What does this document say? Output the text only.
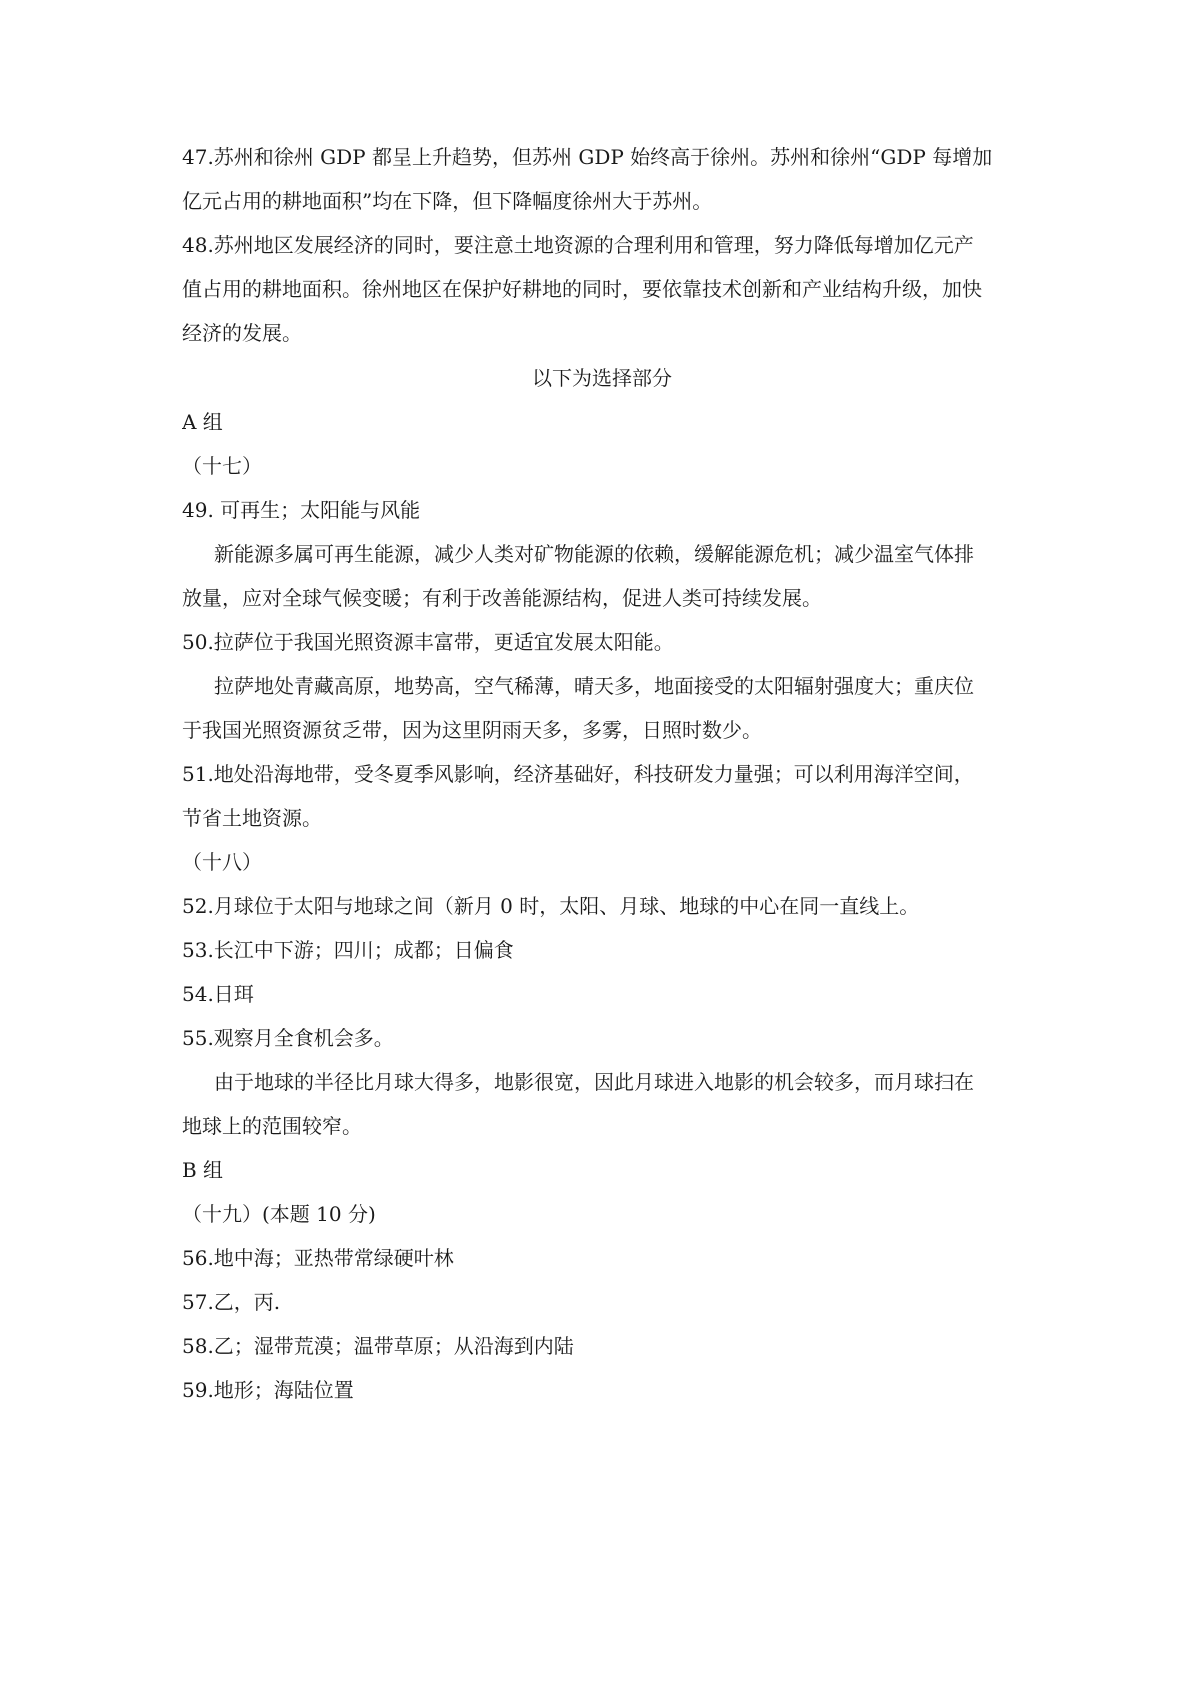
47.苏州和徐州 GDP 都呈上升趋势，但苏州 GDP 始终高于徐州。苏州和徐州“GDP 每增加
亿元占用的耕地面积”均在下降，但下降幅度徐州大于苏州。
48.苏州地区发展经济的同时，要注意土地资源的合理利用和管理，努力降低每增加亿元产
值占用的耕地面积。徐州地区在保护好耕地的同时，要依靠技术创新和产业结构升级，加快
经济的发展。
以下为选择部分
A 组
（十七）
49. 可再生；太阳能与风能
新能源多属可再生能源，减少人类对矿物能源的依赖，缓解能源危机；减少温室气体排
放量，应对全球气候变暖；有利于改善能源结构，促进人类可持续发展。
50.拉萨位于我国光照资源丰富带，更适宜发展太阳能。
拉萨地处青藏高原，地势高，空气稀薄，晴天多，地面接受的太阳辐射强度大；重庆位
于我国光照资源贫乏带，因为这里阴雨天多，多雾，日照时数少。
51.地处沿海地带，受冬夏季风影响，经济基础好，科技研发力量强；可以利用海洋空间，
节省土地资源。
（十八）
52.月球位于太阳与地球之间（新月 0 时，太阳、月球、地球的中心在同一直线上。
53.长江中下游；四川；成都；日偏食
54.日珥
55.观察月全食机会多。
由于地球的半径比月球大得多，地影很宽，因此月球进入地影的机会较多，而月球扫在
地球上的范围较窄。
B 组
（十九）(本题 10 分)
56.地中海；亚热带常绿硬叶林
57.乙，丙.
58.乙；湿带荒漠；温带草原；从沿海到内陆
59.地形；海陆位置
